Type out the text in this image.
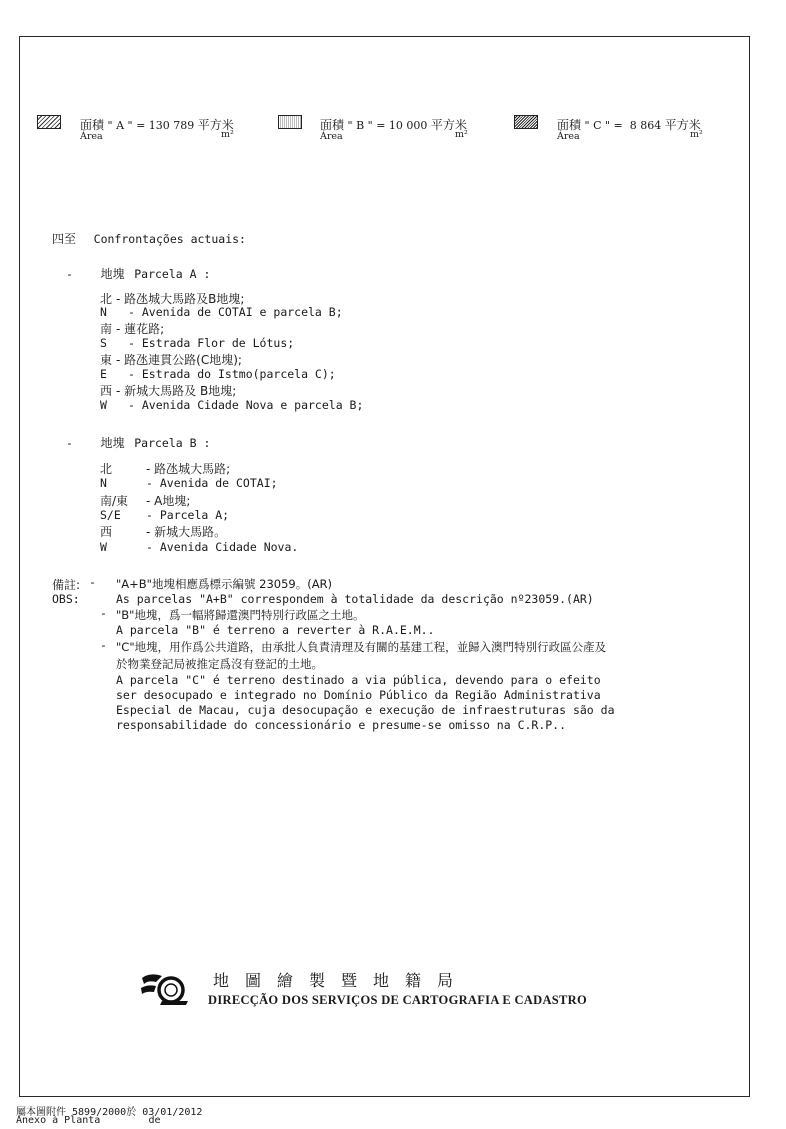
面積 " A " = 130 789 平方米
Área	m²
面積 " B " = 10 000 平方米
Área	m²
面積 " C " =  8 864 平方米
Área	m²
四至 Confrontações actuais:
- 地塊 Parcela A :
北 - 路氹城大馬路及B地塊;
N - Avenida de COTAI e parcela B;
南 - 蓮花路;
S - Estrada Flor de Lótus;
東 - 路氹連貫公路(C地塊);
E - Estrada do Istmo(parcela C);
西 - 新城大馬路及 B地塊;
W - Avenida Cidade Nova e parcela B;
- 地塊 Parcela B :
北	- 路氹城大馬路;
N	- Avenida de COTAI;
南/東 - A地塊;
S/E - Parcela A;
西	- 新城大馬路。
W	- Avenida Cidade Nova.
備註: - "A+B"地塊相應爲標示編號 23059。(AR)
OBS:	As parcelas "A+B" correspondem à totalidade da descrição nº23059.(AR)
- "B"地塊，爲一幅將歸還澳門特別行政區之土地。
A parcela "B" é terreno a reverter à R.A.E.M..
- "C"地塊，用作爲公共道路，由承批人負責清理及有關的基建工程，並歸入澳門特別行政區公產及
於物業登記局被推定爲沒有登記的土地。
A parcela "C" é terreno destinado a via pública, devendo para o efeito
ser desocupado e integrado no Domínio Público da Região Administrativa
Especial de Macau, cuja desocupação e execução de infraestruturas são da
responsabilidade do concessionário e presume-se omisso na C.R.P..
地　圖　繪　製　暨　地　籍　局
DIRECÇÃO DOS SERVIÇOS DE CARTOGRAFIA E CADASTRO
屬本圖附件 5899/2000於 03/01/2012
Anexo à Planta        de
